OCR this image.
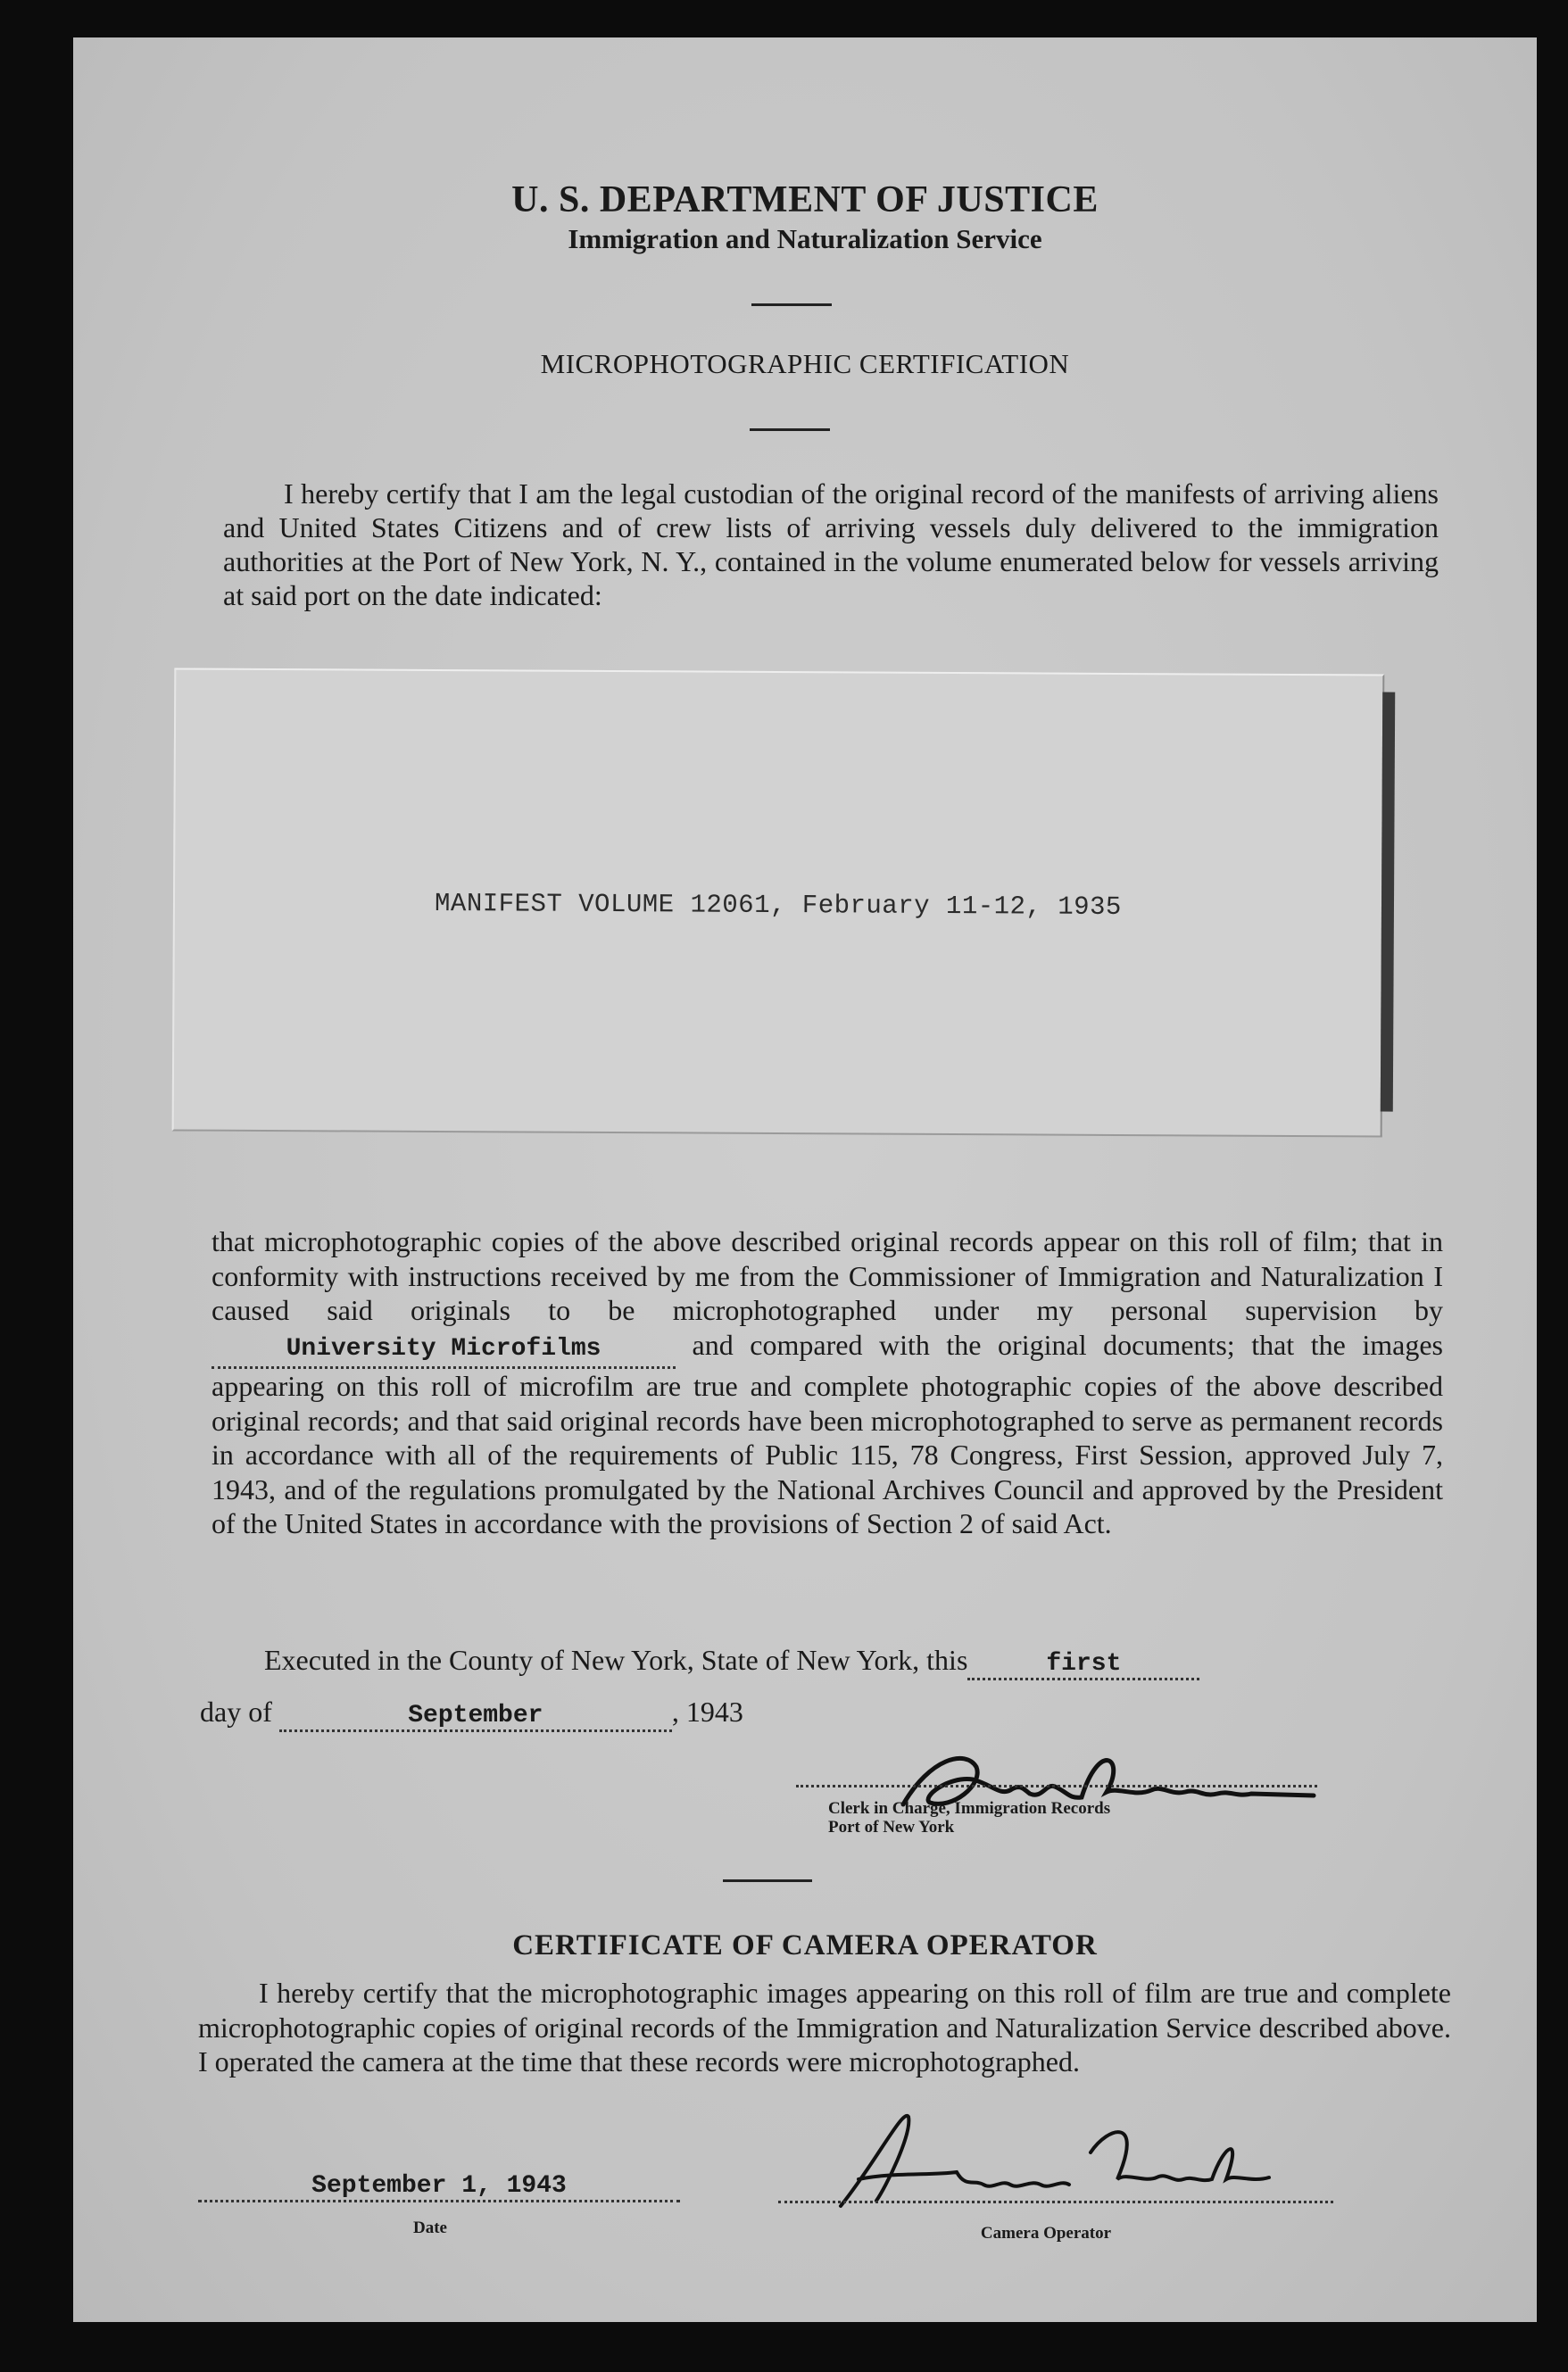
U. S. DEPARTMENT OF JUSTICE
Immigration and Naturalization Service
MICROPHOTOGRAPHIC CERTIFICATION
I hereby certify that I am the legal custodian of the original record of the manifests of arriving aliens and United States Citizens and of crew lists of arriving vessels duly delivered to the immigration authorities at the Port of New York, N. Y., contained in the volume enumerated below for vessels arriving at said port on the date indicated:
MANIFEST VOLUME 12061, February 11-12, 1935
that microphotographic copies of the above described original records appear on this roll of film; that in conformity with instructions received by me from the Commissioner of Immigration and Naturalization I caused said originals to be microphotographed under my personal supervision by University Microfilms	and compared with the original documents; that the images appearing on this roll of microfilm are true and complete photographic copies of the above described original records; and that said original records have been microphotographed to serve as permanent records in accordance with all of the requirements of Public 115, 78 Congress, First Session, approved July 7, 1943, and of the regulations promulgated by the National Archives Council and approved by the President of the United States in accordance with the provisions of Section 2 of said Act.
Executed in the County of New York, State of New York, this	first
day of	September	, 1943
Clerk in Charge, Immigration Records
Port of New York
CERTIFICATE OF CAMERA OPERATOR
I hereby certify that the microphotographic images appearing on this roll of film are true and complete microphotographic copies of original records of the Immigration and Naturalization Service described above. I operated the camera at the time that these records were microphotographed.
September 1, 1943
Date	Camera Operator
